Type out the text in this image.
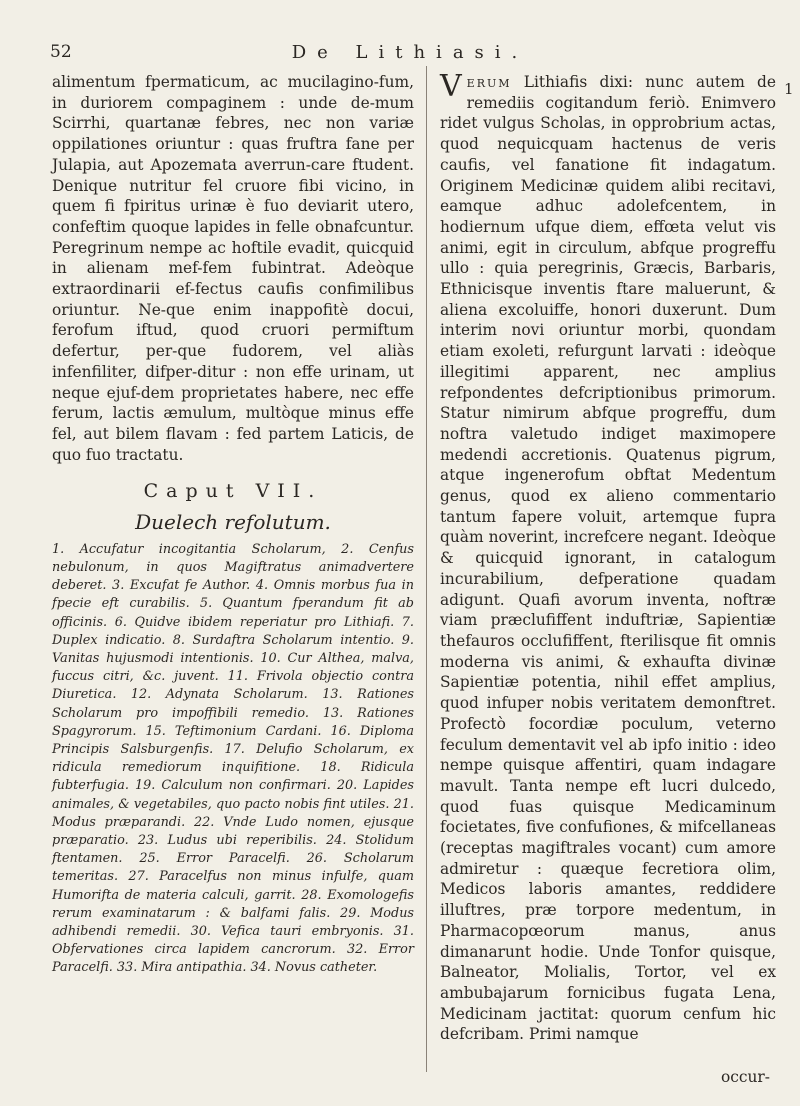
52	De Lithiasi.

alimentum fpermaticum, ac mucilagino-fum, in duriorem compaginem : unde de-mum Scirrhi, quartanæ febres, nec non variæ oppilationes oriuntur : quas fruftra fane per Julapia, aut Apozemata averrun-care ftudent. Denique nutritur fel cruore fibi vicino, in quem fi fpiritus urinæ è fuo deviarit utero, confeftim quoque lapides in felle obnafcuntur. Peregrinum nempe ac hoftile evadit, quicquid in alienam mef-fem fubintrat. Adeòque extraordinarii ef-fectus caufis confimilibus oriuntur. Ne-que enim inappofitè docui, ferofum iftud, quod cruori permiftum defertur, per-que fudorem, vel aliàs infenfiliter, difper-ditur : non effe urinam, ut neque ejuf-dem proprietates habere, nec effe ferum, lactis æmulum, multòque minus effe fel, aut bilem flavam : fed partem Laticis, de quo fuo tractatu.

Caput VII.
Duelech refolutum.

1. Accufatur incogitantia Scholarum, 2. Cenfus nebulonum, in quos Magiftratus animadvertere deberet. 3. Excufat fe Author. 4. Omnis morbus fua in fpecie eft curabilis. 5. Quantum fperandum fit ab officinis. 6. Quidve ibidem reperiatur pro Lithiafi. 7. Duplex indicatio. 8. Surdaftra Scholarum intentio. 9. Vanitas hujusmodi intentionis. 10. Cur Althea, malva, fuccus citri, &c. juvent. 11. Frivola objectio contra Diuretica. 12. Adynata Scholarum. 13. Rationes Scholarum pro impoffibili remedio. 13. Rationes Spagyrorum. 15. Teftimonium Cardani. 16. Diploma Principis Salsburgenfis. 17. Delufio Scholarum, ex ridicula remediorum inquifitione. 18. Ridicula fubterfugia. 19. Calculum non confirmari. 20. Lapides animales, & vegetabiles, quo pacto nobis fint utiles. 21. Modus præparandi. 22. Vnde Ludo nomen, ejusque præparatio. 23. Ludus ubi reperibilis. 24. Stolidum ftentamen. 25. Error Paracelfi. 26. Scholarum temeritas. 27. Paracelfus non minus infulfe, quam Humorifta de materia calculi, garrit. 28. Exomologefis rerum examinatarum : & balfami falis. 29. Modus adhibendi remedii. 30. Vefica tauri embryonis. 31. Obfervationes circa lapidem cancrorum. 32. Error Paracelfi. 33. Mira antipathia. 34. Novus catheter.

V erum Lithiafis dixi: nunc autem de remediis cogitandum feriò. Enimvero ridet vulgus Scholas, in opprobrium actas, quod nequicquam hactenus de veris caufis, vel fanatione fit indagatum. Originem Medicinæ quidem alibi recitavi, eamque adhuc adolefcentem, in hodiernum ufque diem, effœta velut vis animi, egit in circulum, abfque progreffu ullo : quia peregrinis, Græcis, Barbaris, Ethnicisque inventis ftare maluerunt, & aliena excoluiffe, honori duxerunt. Dum interim novi oriuntur morbi, quondam etiam exoleti, refurgunt larvati : ideòque illegitimi apparent, nec amplius refpondentes defcriptionibus primorum. Statur nimirum abfque progreffu, dum noftra valetudo indiget maximopere medendi accretionis. Quatenus pigrum, atque ingenerofum obftat Medentum genus, quod ex alieno commentario tantum fapere voluit, artemque fupra quàm noverint, increfcere negant. Ideòque & quicquid ignorant, in catalogum incurabilium, defperatione quadam adigunt. Quafi avorum inventa, noftræ viam præclufiffent induftriæ, Sapientiæ thefauros occlufiffent, fterilisque fit omnis moderna vis animi, & exhaufta divinæ Sapientiæ potentia, nihil effet amplius, quod infuper nobis veritatem demonftret. Profectò focordiæ poculum, veterno feculum dementavit vel ab ipfo initio : ideo nempe quisque affentiri, quam indagare mavult. Tanta nempe eft lucri dulcedo, quod fuas quisque Medicaminum focietates, five confufiones, & mifcellaneas (receptas magiftrales vocant) cum amore admiretur : quæque fecretiora olim, Medicos laboris amantes, reddidere illuftres, præ torpore medentum, in Pharmacopœorum manus, anus dimanarunt hodie. Unde Tonfor quisque, Balneator, Molialis, Tortor, vel ex ambubajarum fornicibus fugata Lena, Medicinam jactitat: quorum cenfum hic defcribam. Primi namque

1
occur-
